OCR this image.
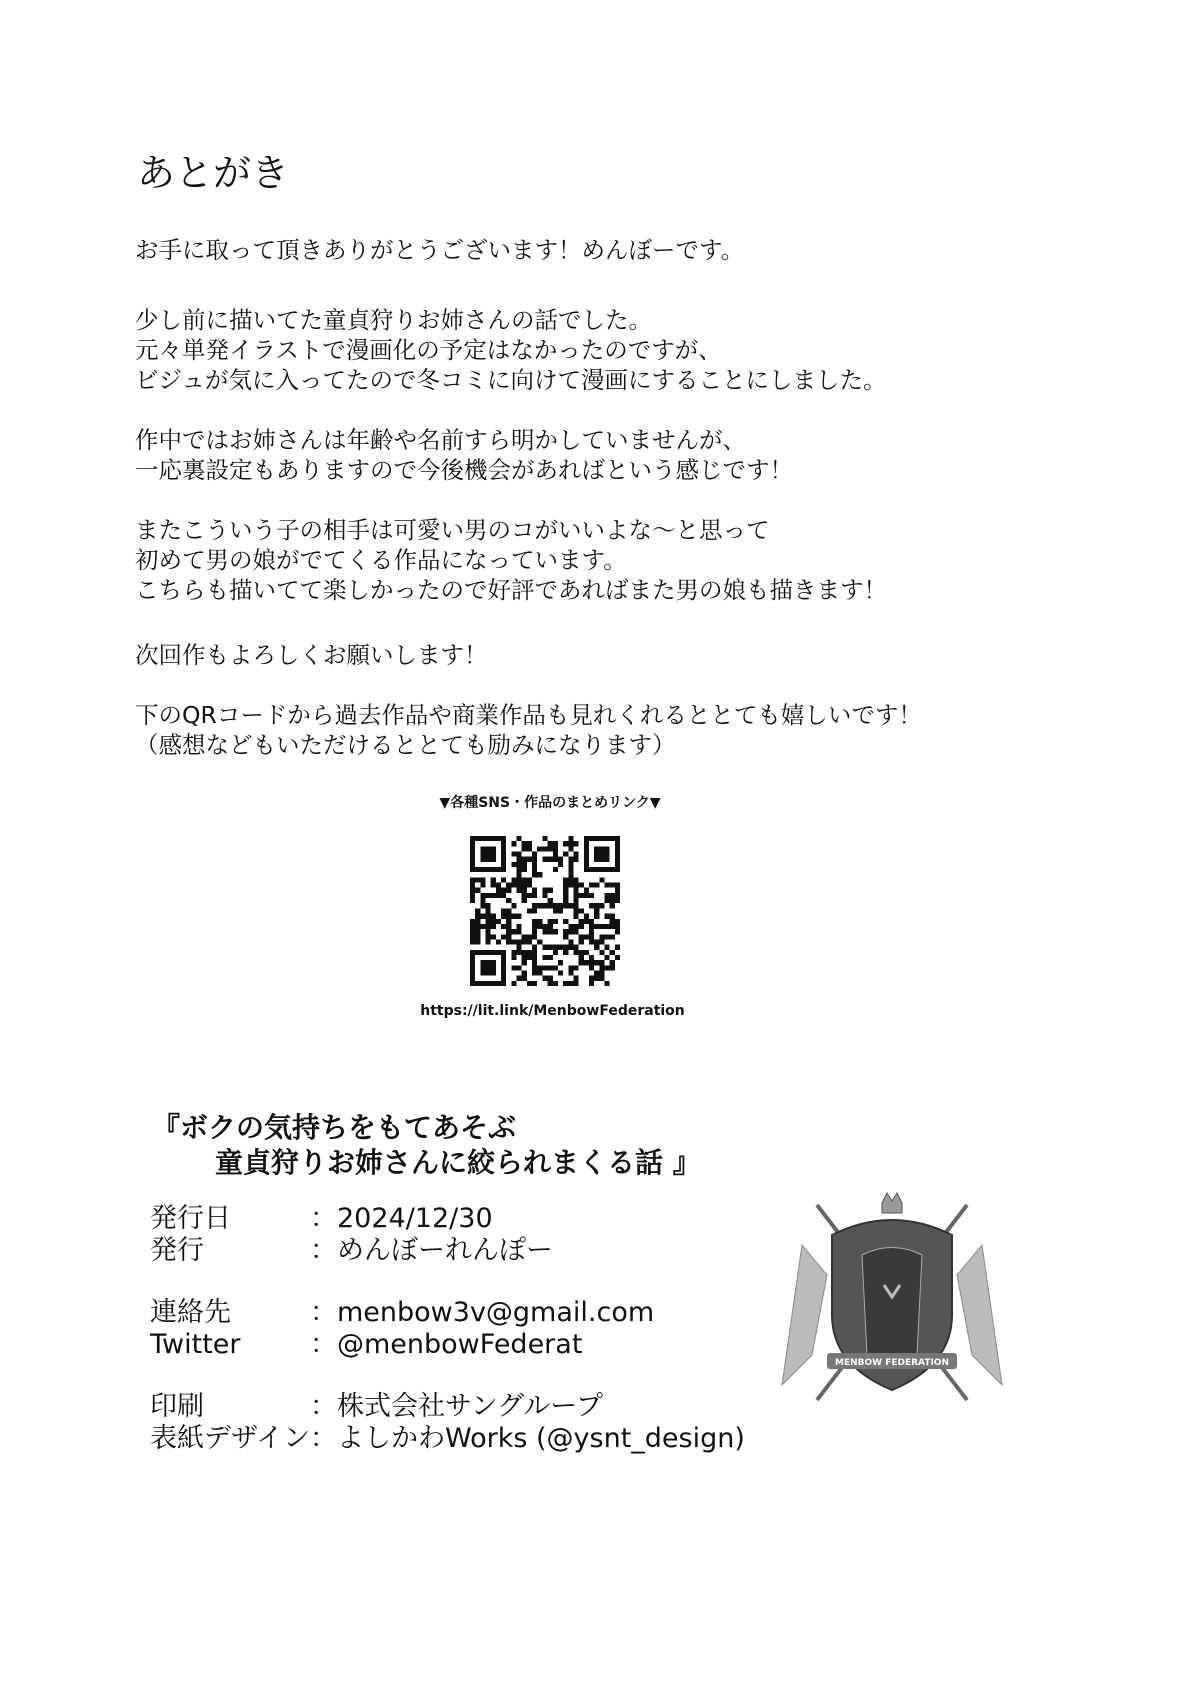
あとがき
お手に取って頂きありがとうございます！めんぼーです。
少し前に描いてた童貞狩りお姉さんの話でした。
元々単発イラストで漫画化の予定はなかったのですが、
ビジュが気に入ってたので冬コミに向けて漫画にすることにしました。
作中ではお姉さんは年齢や名前すら明かしていませんが、
一応裏設定もありますので今後機会があればという感じです！
またこういう子の相手は可愛い男のコがいいよな～と思って
初めて男の娘がでてくる作品になっています。
こちらも描いてて楽しかったので好評であればまた男の娘も描きます！
次回作もよろしくお願いします！
下のQRコードから過去作品や商業作品も見れくれるととても嬉しいです！
（感想などもいただけるととても励みになります）
▼各種SNS・作品のまとめリンク▼
https://lit.link/MenbowFederation
『ボクの気持ちをもてあそぶ
童貞狩りお姉さんに絞られまくる話 』
発行日	：2024/12/30
発行	：めんぼーれんぽー
連絡先	：menbow3v@gmail.com
Twitter	：@menbowFederat
印刷	：株式会社サングループ
表紙デザイン：よしかわWorks (@ysnt_design)
MENBOW FEDERATION
